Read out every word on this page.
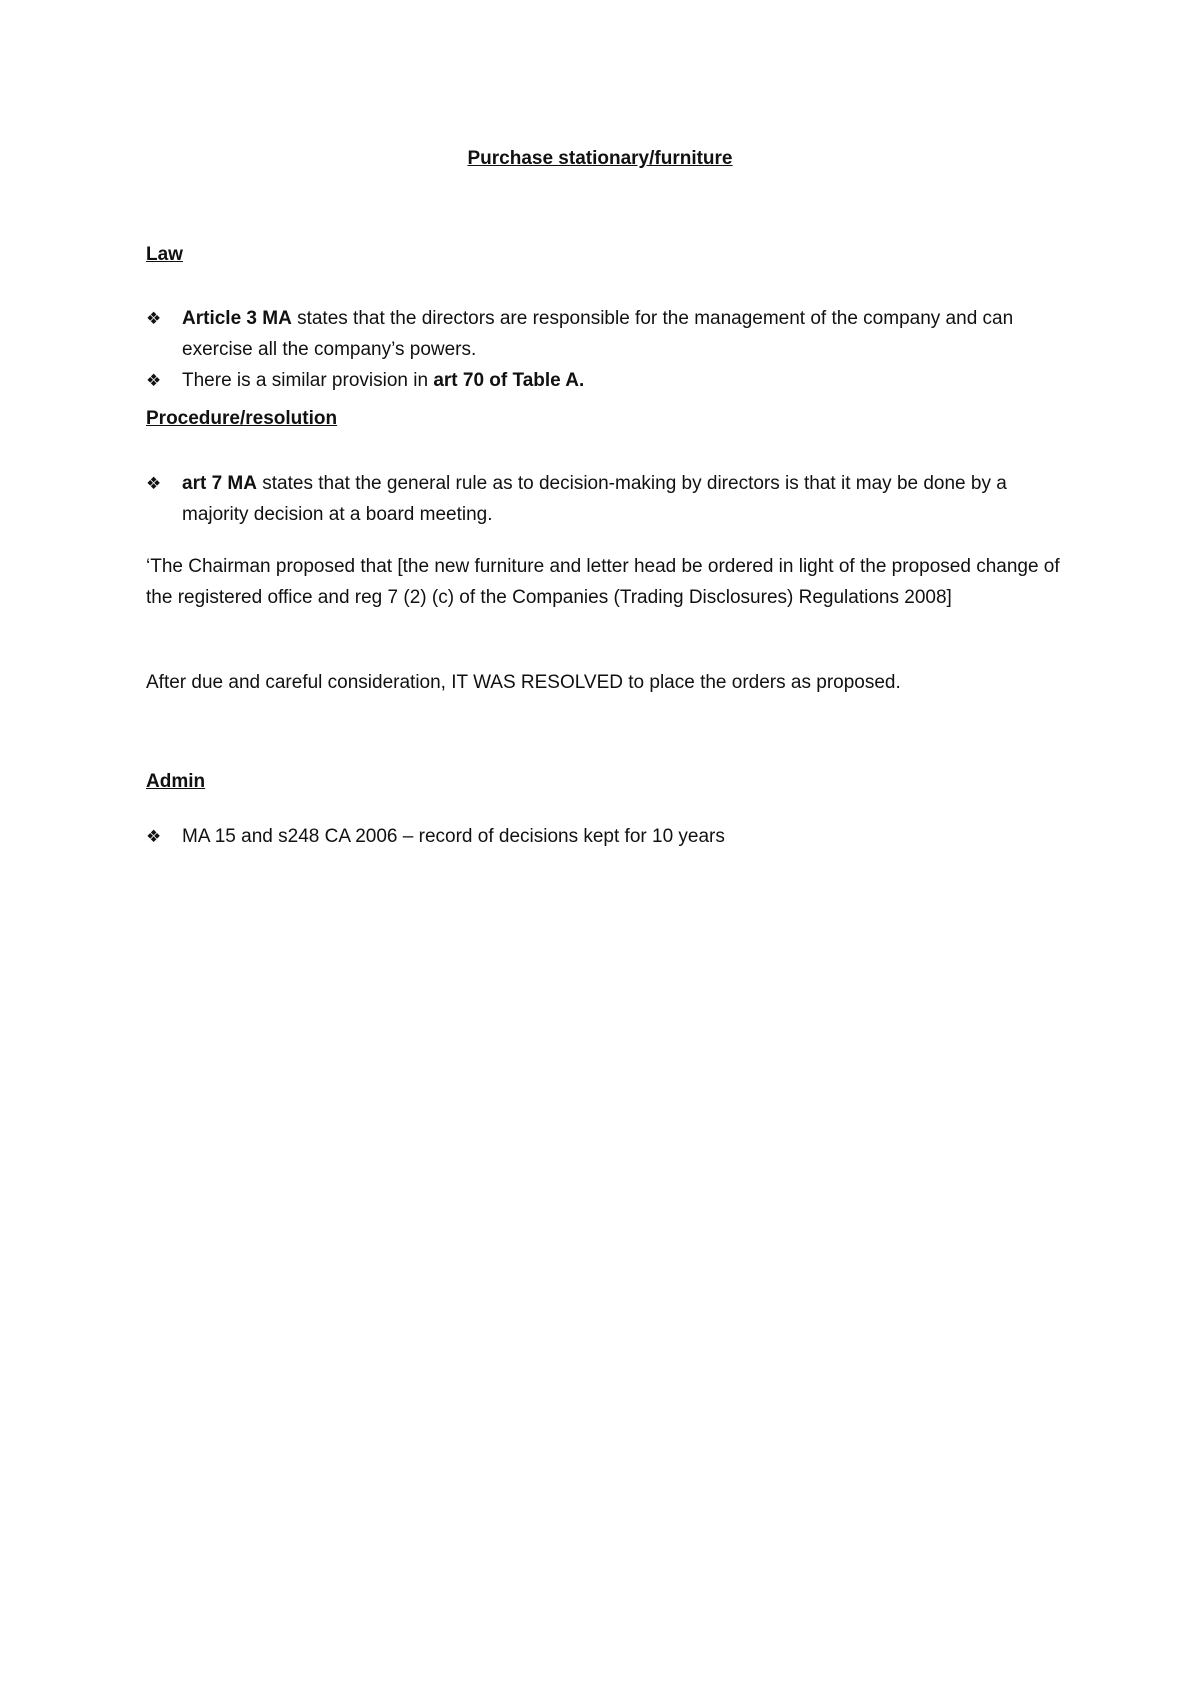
Purchase stationary/furniture
Law
❖ Article 3 MA states that the directors are responsible for the management of the company and can exercise all the company’s powers.
❖ There is a similar provision in art 70 of Table A.
Procedure/resolution
❖ art 7 MA states that the general rule as to decision-making by directors is that it may be done by a majority decision at a board meeting.

‘The Chairman proposed that [the new furniture and letter head be ordered in light of the proposed change of the registered office and reg 7 (2) (c) of the Companies (Trading Disclosures) Regulations 2008]

After due and careful consideration, IT WAS RESOLVED to place the orders as proposed.

Admin
❖ MA 15 and s248 CA 2006 – record of decisions kept for 10 years
